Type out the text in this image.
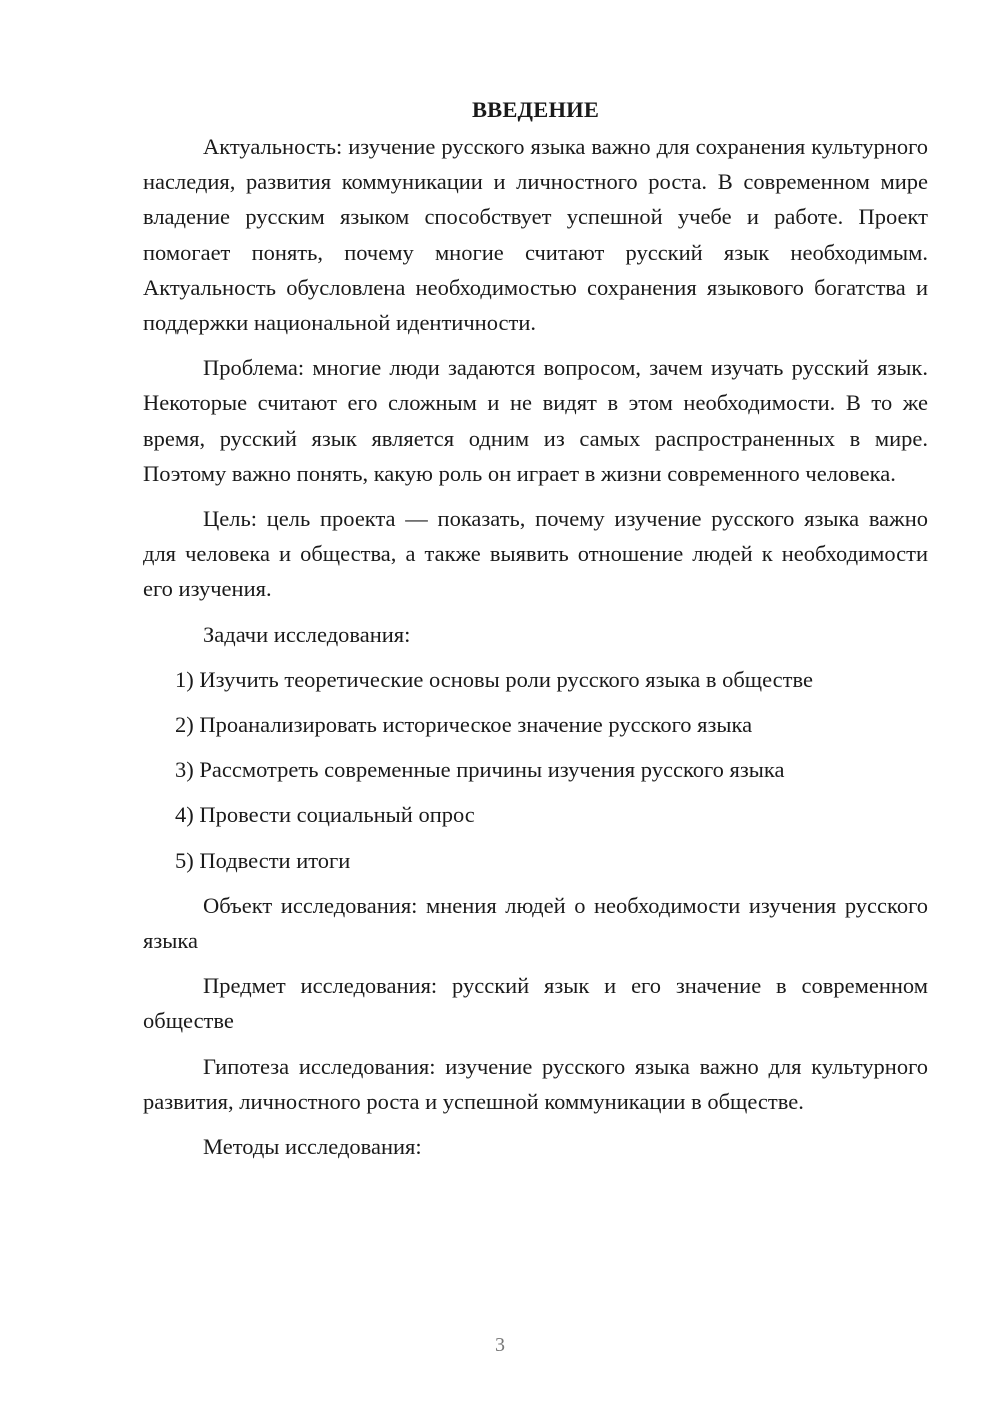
ВВЕДЕНИЕ

Актуальность: изучение русского языка важно для сохранения культурного наследия, развития коммуникации и личностного роста. В современном мире владение русским языком способствует успешной учебе и работе. Проект помогает понять, почему многие считают русский язык необходимым. Актуальность обусловлена необходимостью сохранения языкового богатства и поддержки национальной идентичности.

Проблема: многие люди задаются вопросом, зачем изучать русский язык. Некоторые считают его сложным и не видят в этом необходимости. В то же время, русский язык является одним из самых распространенных в мире. Поэтому важно понять, какую роль он играет в жизни современного человека.

Цель: цель проекта — показать, почему изучение русского языка важно для человека и общества, а также выявить отношение людей к необходимости его изучения.

Задачи исследования:

1) Изучить теоретические основы роли русского языка в обществе
2) Проанализировать историческое значение русского языка
3) Рассмотреть современные причины изучения русского языка
4) Провести социальный опрос
5) Подвести итоги

Объект исследования: мнения людей о необходимости изучения русского языка

Предмет исследования: русский язык и его значение в современном обществе

Гипотеза исследования: изучение русского языка важно для культурного развития, личностного роста и успешной коммуникации в обществе.

Методы исследования:

3
